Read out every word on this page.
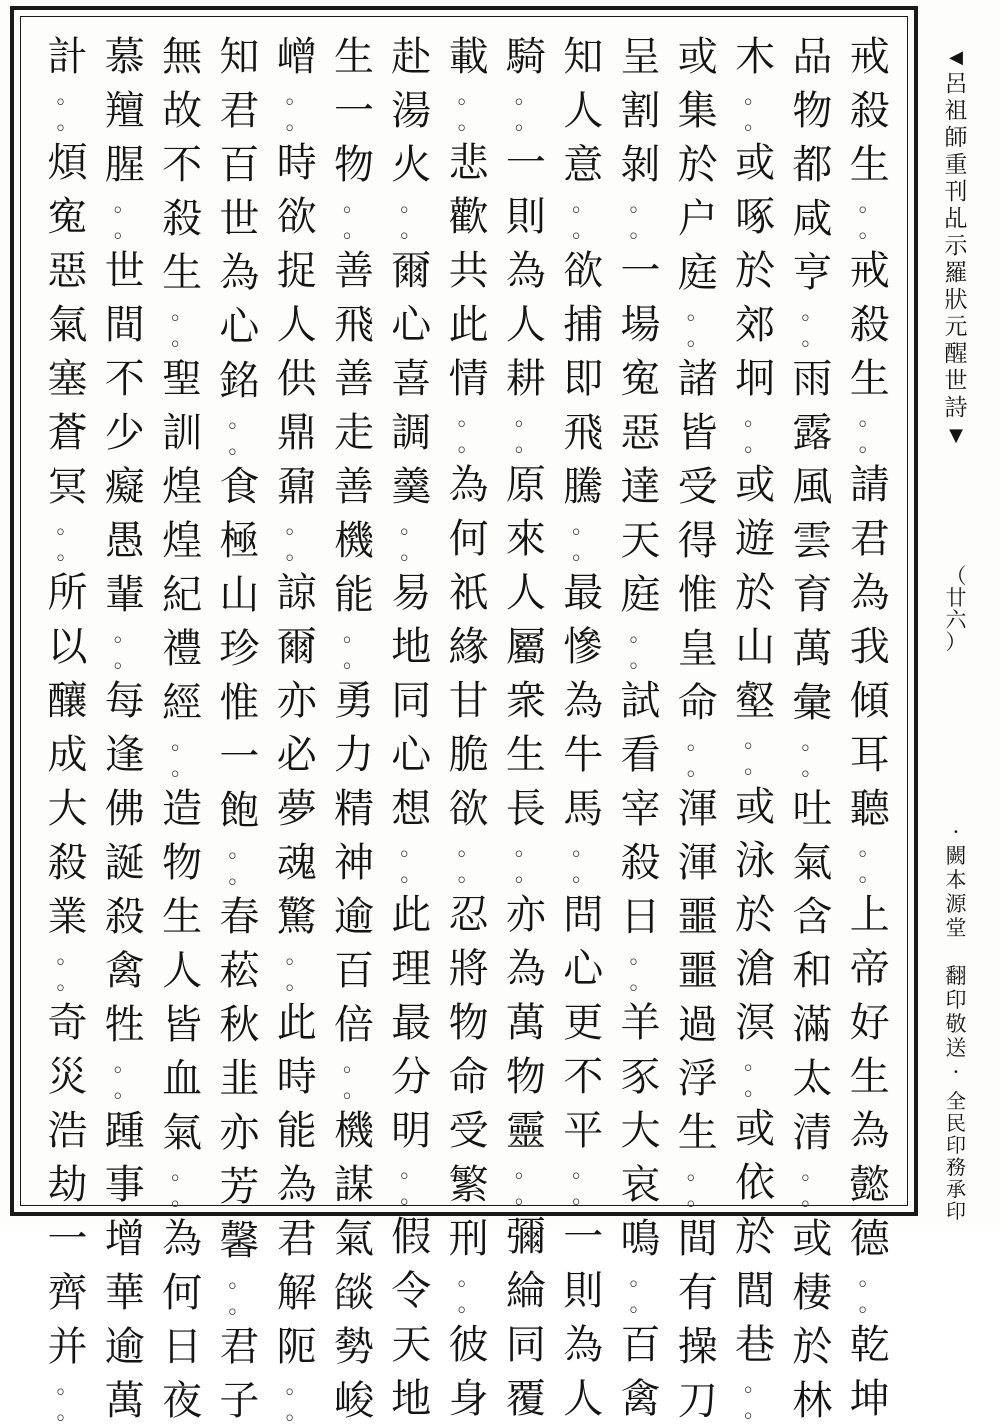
戒
殺
生
。
。
戒
殺
生
。
。
請
君
為
我
傾
耳
聽
。
。
上
帝
好
生
為
懿
德
。
。
乾
坤
品
物
都
咸
亨
。
。
雨
露
風
雲
育
萬
彙
。
。
吐
氣
含
和
滿
太
清
。
。
或
棲
於
林
木
。
。
或
啄
於
郊
坰
。
。
或
遊
於
山
壑
。
。
或
泳
於
滄
溟
。
。
或
依
於
閭
巷
。
。
或
集
於
户
庭
。
。
諸
皆
受
得
惟
皇
命
。
。
渾
渾
噩
噩
過
浮
生
。
。
間
有
操
刀
呈
割
剝
。
。
一
場
寃
惡
達
天
庭
。
。
試
看
宰
殺
日
。
。
羊
豕
大
哀
鳴
。
。
百
禽
知
人
意
。
。
欲
捕
即
飛
騰
。
。
最
慘
為
牛
馬
。
。
問
心
更
不
平
。
。
一
則
為
人
騎
。
。
一
則
為
人
耕
。
。
原
來
人
屬
衆
生
長
。
。
亦
為
萬
物
靈
。
。
彌
綸
同
覆
載
。
。
悲
歡
共
此
情
。
。
為
何
祇
緣
甘
脆
欲
。
。
忍
將
物
命
受
繁
刑
。
。
彼
身
赴
湯
火
。
。
爾
心
喜
調
羹
。
。
易
地
同
心
想
。
。
此
理
最
分
明
。
。
假
令
天
地
生
一
物
。
。
善
飛
善
走
善
機
能
。
。
勇
力
精
神
逾
百
倍
。
。
機
謀
氣
燄
勢
峻
嶒
。
。
時
欲
捉
人
供
鼎
鼐
。
。
諒
爾
亦
必
夢
魂
驚
。
。
此
時
能
為
君
解
阨
。
。
知
君
百
世
為
心
銘
。
。
食
極
山
珍
惟
一
飽
。
。
春
菘
秋
韭
亦
芳
馨
。
。
君
子
無
故
不
殺
生
。
。
聖
訓
煌
煌
紀
禮
經
。
。
造
物
生
人
皆
血
氣
。
。
為
何
日
夜
慕
羶
腥
。
。
世
間
不
少
癡
愚
輩
。
。
每
逢
佛
誕
殺
禽
牲
。
。
踵
事
增
華
逾
萬
計
。
。
煩
寃
惡
氣
塞
蒼
冥
。
。
所
以
釀
成
大
殺
業
。
。
奇
災
浩
劫
一
齊
并
。
。
◀
呂
祖
師
重
刊
乩
示
羅
狀
元
醒
世
詩
▼
（
廿
六
）
·
闕
本
源
堂
翻
印
敬
送
·
全
民
印
務
承
印
